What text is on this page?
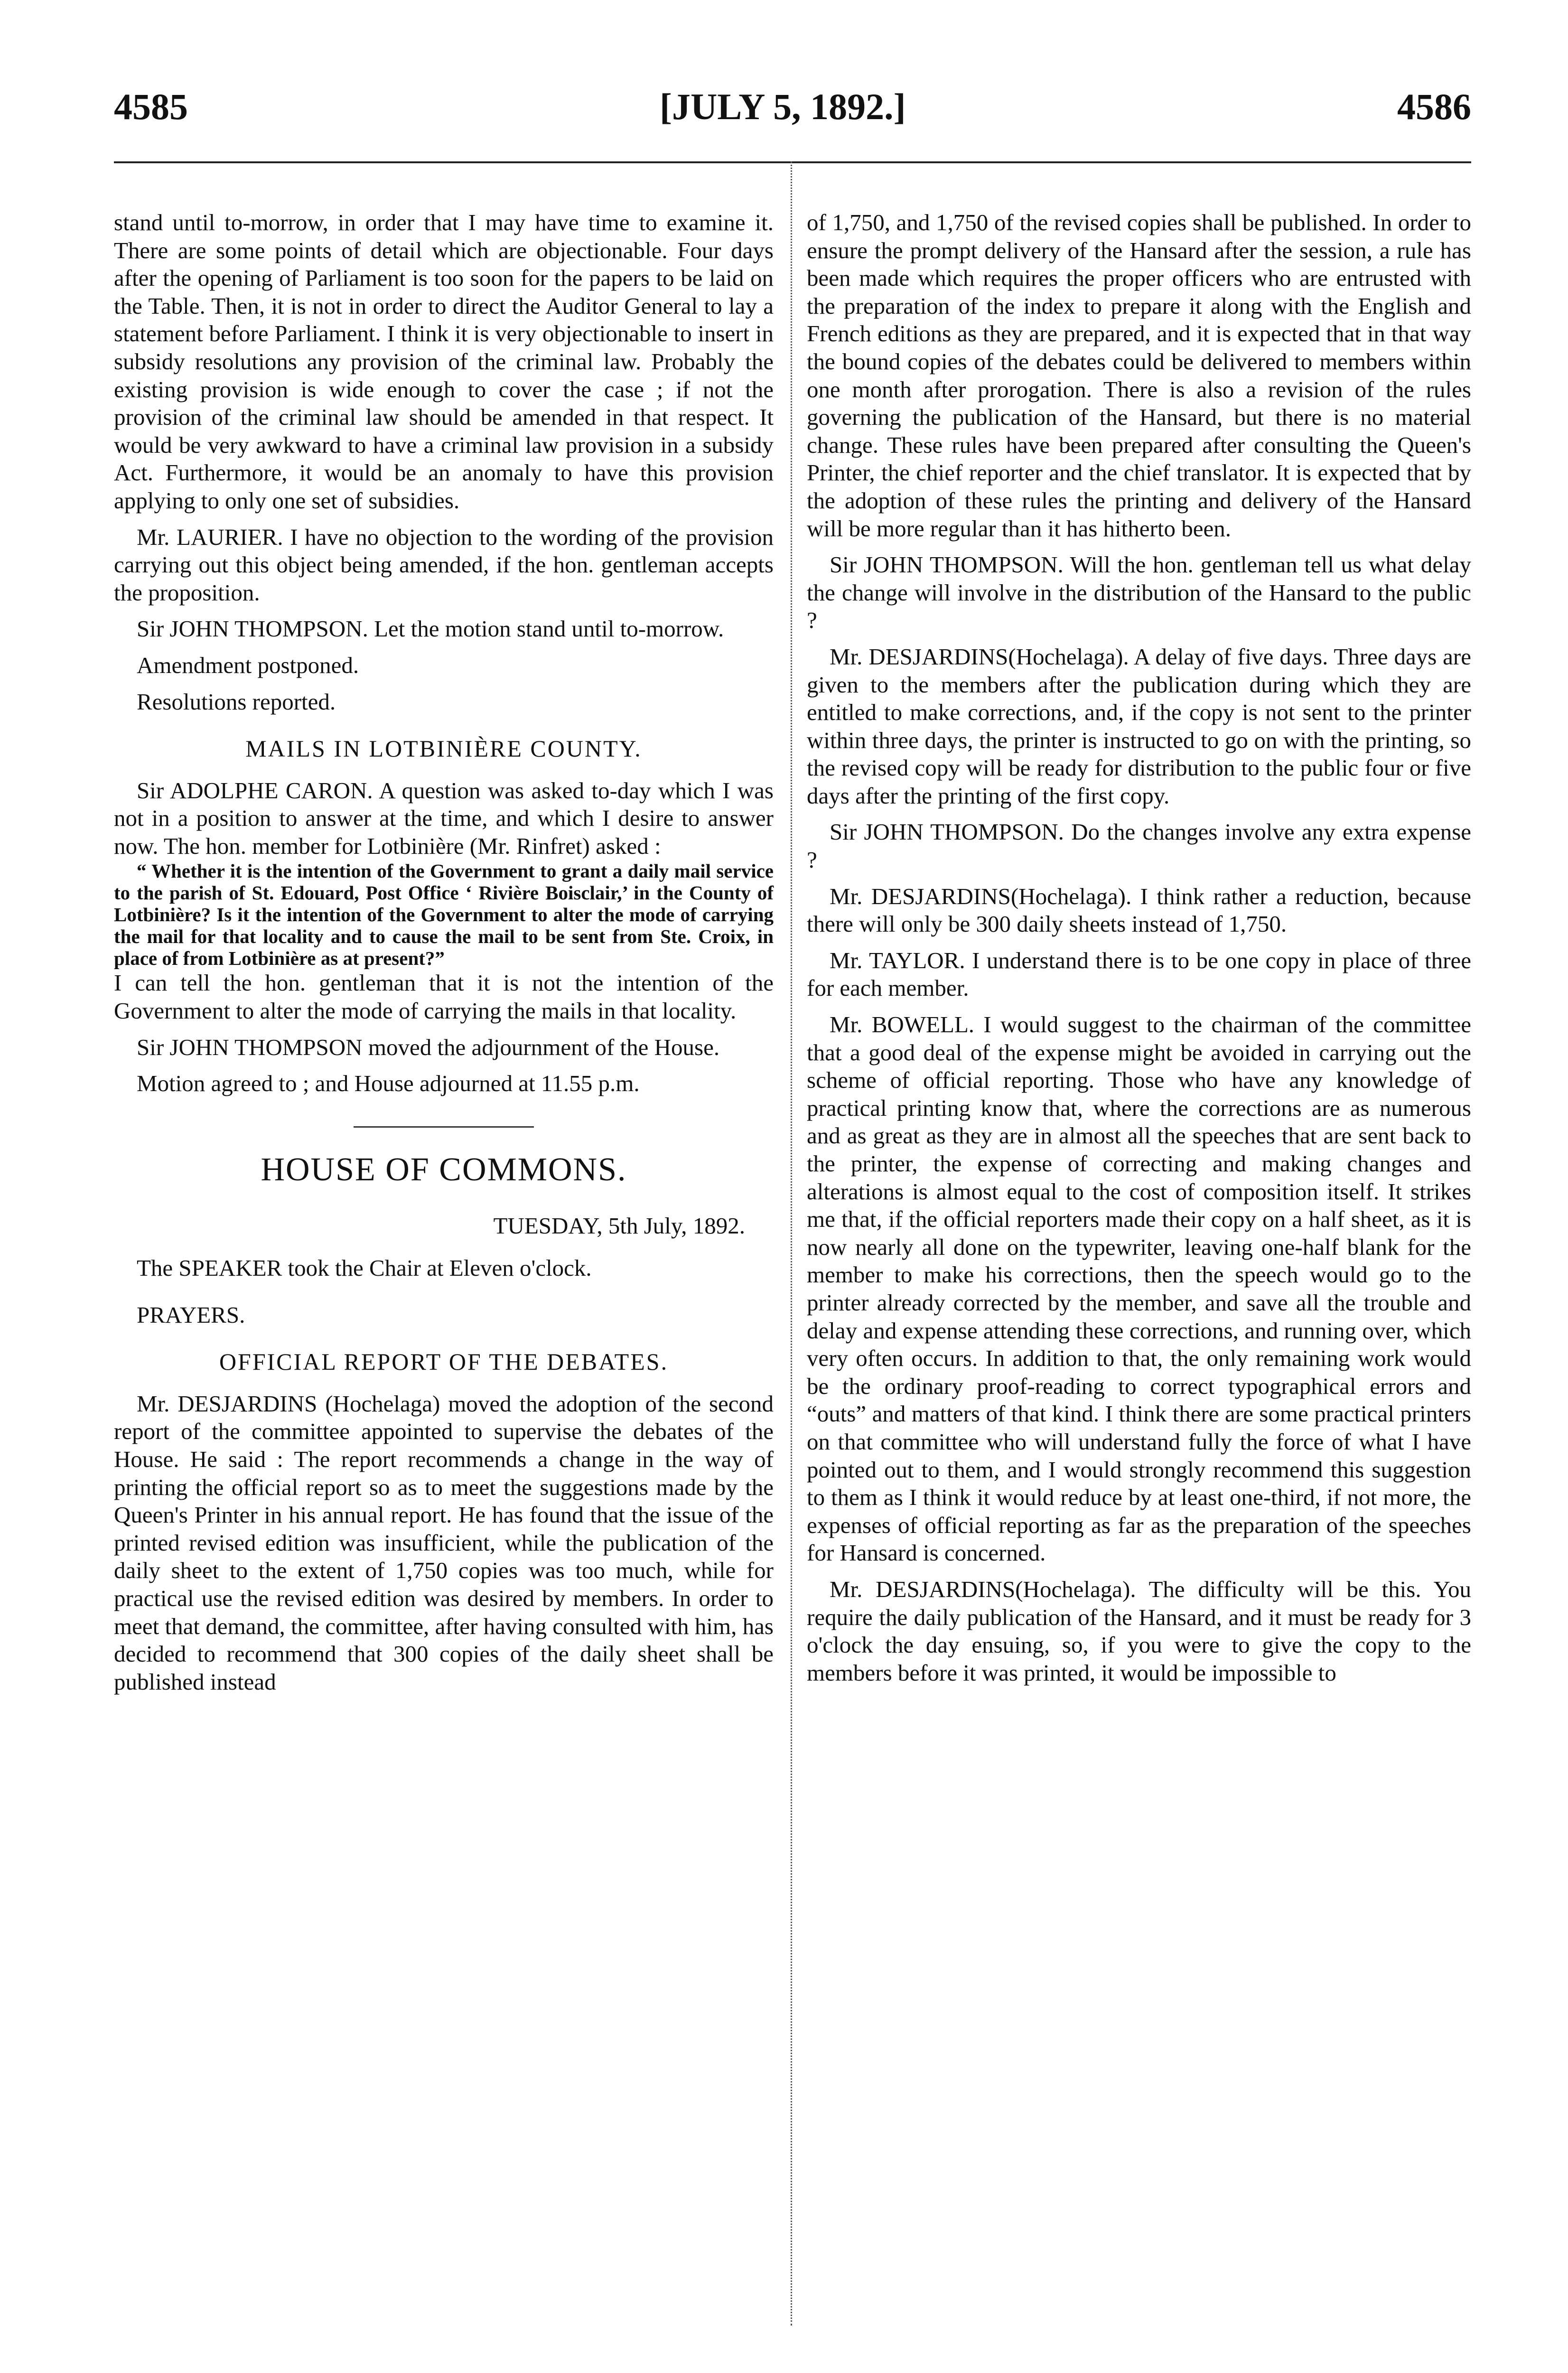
4585	[JULY 5, 1892.]	4586

stand until to-morrow, in order that I may have time to examine it. There are some points of detail which are objectionable. Four days after the opening of Parliament is too soon for the papers to be laid on the Table. Then, it is not in order to direct the Auditor General to lay a statement before Parliament. I think it is very objectionable to insert in subsidy resolutions any provision of the criminal law. Probably the existing provision is wide enough to cover the case ; if not the provision of the criminal law should be amended in that respect. It would be very awkward to have a criminal law provision in a subsidy Act. Furthermore, it would be an anomaly to have this provision applying to only one set of subsidies.

Mr. LAURIER. I have no objection to the wording of the provision carrying out this object being amended, if the hon. gentleman accepts the proposition.

Sir JOHN THOMPSON. Let the motion stand until to-morrow.

Amendment postponed.

Resolutions reported.

MAILS IN LOTBINIÈRE COUNTY.

Sir ADOLPHE CARON. A question was asked to-day which I was not in a position to answer at the time, and which I desire to answer now. The hon. member for Lotbinière (Mr. Rinfret) asked :

“ Whether it is the intention of the Government to grant a daily mail service to the parish of St. Edouard, Post Office ‘ Rivière Boisclair,’ in the County of Lotbinière? Is it the intention of the Government to alter the mode of carrying the mail for that locality and to cause the mail to be sent from Ste. Croix, in place of from Lotbinière as at present?”

I can tell the hon. gentleman that it is not the intention of the Government to alter the mode of carrying the mails in that locality.

Sir JOHN THOMPSON moved the adjournment of the House.

Motion agreed to ; and House adjourned at 11.55 p.m.

HOUSE OF COMMONS.
TUESDAY, 5th July, 1892.

The SPEAKER took the Chair at Eleven o'clock.

PRAYERS.

OFFICIAL REPORT OF THE DEBATES.

Mr. DESJARDINS (Hochelaga) moved the adoption of the second report of the committee appointed to supervise the debates of the House. He said : The report recommends a change in the way of printing the official report so as to meet the suggestions made by the Queen's Printer in his annual report. He has found that the issue of the printed revised edition was insufficient, while the publication of the daily sheet to the extent of 1,750 copies was too much, while for practical use the revised edition was desired by members. In order to meet that demand, the committee, after having consulted with him, has decided to recommend that 300 copies of the daily sheet shall be published instead

of 1,750, and 1,750 of the revised copies shall be published. In order to ensure the prompt delivery of the Hansard after the session, a rule has been made which requires the proper officers who are entrusted with the preparation of the index to prepare it along with the English and French editions as they are prepared, and it is expected that in that way the bound copies of the debates could be delivered to members within one month after prorogation. There is also a revision of the rules governing the publication of the Hansard, but there is no material change. These rules have been prepared after consulting the Queen's Printer, the chief reporter and the chief translator. It is expected that by the adoption of these rules the printing and delivery of the Hansard will be more regular than it has hitherto been.

Sir JOHN THOMPSON. Will the hon. gentleman tell us what delay the change will involve in the distribution of the Hansard to the public ?

Mr. DESJARDINS(Hochelaga). A delay of five days. Three days are given to the members after the publication during which they are entitled to make corrections, and, if the copy is not sent to the printer within three days, the printer is instructed to go on with the printing, so the revised copy will be ready for distribution to the public four or five days after the printing of the first copy.

Sir JOHN THOMPSON. Do the changes involve any extra expense ?

Mr. DESJARDINS(Hochelaga). I think rather a reduction, because there will only be 300 daily sheets instead of 1,750.

Mr. TAYLOR. I understand there is to be one copy in place of three for each member.

Mr. BOWELL. I would suggest to the chairman of the committee that a good deal of the expense might be avoided in carrying out the scheme of official reporting. Those who have any knowledge of practical printing know that, where the corrections are as numerous and as great as they are in almost all the speeches that are sent back to the printer, the expense of correcting and making changes and alterations is almost equal to the cost of composition itself. It strikes me that, if the official reporters made their copy on a half sheet, as it is now nearly all done on the typewriter, leaving one-half blank for the member to make his corrections, then the speech would go to the printer already corrected by the member, and save all the trouble and delay and expense attending these corrections, and running over, which very often occurs. In addition to that, the only remaining work would be the ordinary proof-reading to correct typographical errors and “outs” and matters of that kind. I think there are some practical printers on that committee who will understand fully the force of what I have pointed out to them, and I would strongly recommend this suggestion to them as I think it would reduce by at least one-third, if not more, the expenses of official reporting as far as the preparation of the speeches for Hansard is concerned.

Mr. DESJARDINS(Hochelaga). The difficulty will be this. You require the daily publication of the Hansard, and it must be ready for 3 o'clock the day ensuing, so, if you were to give the copy to the members before it was printed, it would be impossible to
